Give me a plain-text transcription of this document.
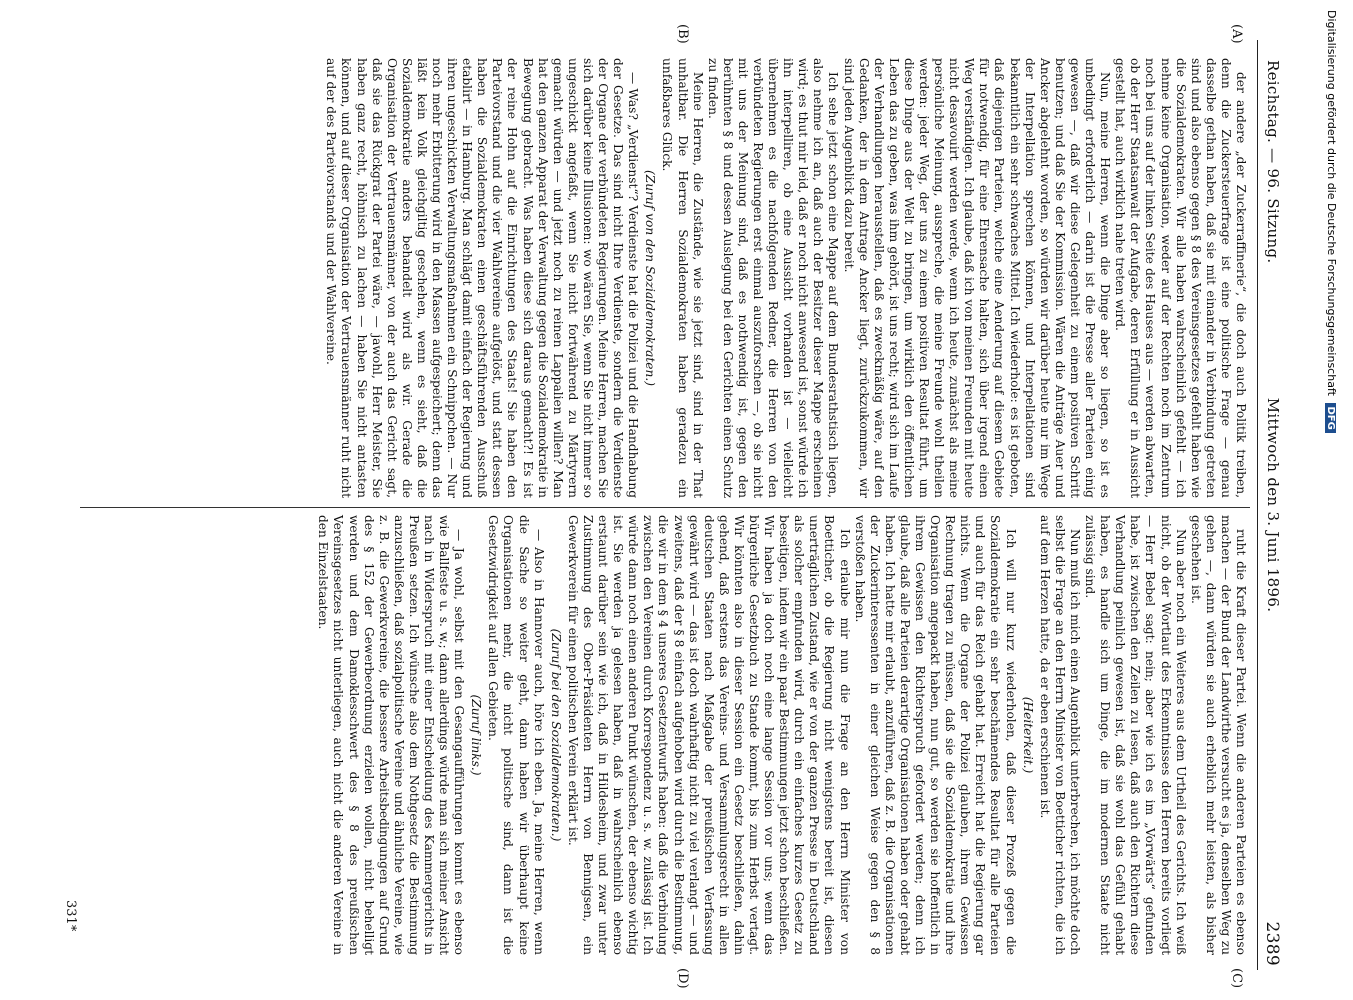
Reichstag. — 96. Sitzung.
Mittwoch den 3. Juni 1896.
2389
(A)
(B)
(C)
(D)

der andere „der Zuckerraffinerie“, die doch auch Politik treiben, denn die Zuckersteuerfrage ist eine politische Frage — genau dasselbe gethan haben, daß sie mit einander in Verbindung getreten sind und also ebenso gegen § 8 des Vereinsgesetzes gefehlt haben wie die Sozialdemokraten. Wir alle haben wahrscheinlich gefehlt — ich nehme keine Organisation, weder auf der Rechten noch im Zentrum noch bei uns auf der linken Seite des Hauses aus — werden abwarten, ob der Herr Staatsanwalt der Aufgabe, deren Erfüllung er in Aussicht gestellt hat, auch wirklich nahe treten wird.

Nun, meine Herren, wenn die Dinge aber so liegen, so ist es unbedingt erforderlich — darin ist die Presse aller Parteien einig gewesen —, daß wir diese Gelegenheit zu einem positiven Schritt benutzen; und daß Sie der Kommission. Wären die Anträge Auer und Ancker abgelehnt worden, so würden wir darüber heute nur im Wege der Interpellation sprechen können, und Interpellationen sind bekanntlich ein sehr schwaches Mittel. Ich wiederhole: es ist geboten, daß diejenigen Parteien, welche eine Aenderung auf diesem Gebiete für notwendig, für eine Ehrensache halten, sich über irgend einen Weg verständigen. Ich glaube, daß ich von meinen Freunden mit heute nicht desavouirt werden werde, wenn ich heute, zunächst als meine persönliche Meinung, ausspreche, die meine Freunde wohl theilen werden: jeder Weg, der uns zu einem positiven Resultat führt, um diese Dinge aus der Welt zu bringen, um wirklich den öffentlichen Leben das zu geben, was ihm gehört, ist uns recht; wird sich im Laufe der Verhandlungen herausstellen, daß es zweckmäßig wäre, auf den Gedanken, der in dem Antrage Ancker liegt, zurückzukommen, wir sind jeden Augenblick dazu bereit.

Ich sehe jetzt schon eine Mappe auf dem Bundesrathstisch liegen, also nehme ich an, daß auch der Besitzer dieser Mappe erscheinen wird; es thut mir leid, daß er noch nicht anwesend ist, sonst würde ich ihn interpelliren, ob eine Aussicht vorhanden ist — vielleicht übernehmen es die nachfolgenden Redner, die Herren von den verbündeten Regierungen erst einmal auszuforschen —, ob sie nicht mit uns der Meinung sind, daß es nothwendig ist, gegen den berühmten § 8 und dessen Auslegung bei den Gerichten einen Schutz zu finden.

Meine Herren, die Zustände, wie sie jetzt sind, sind in der That unhaltbar. Die Herren Sozialdemokraten haben geradezu ein unfaßbares Glück.

(Zuruf von den Sozialdemokraten.)

— Was? „Verdienst“? Verdienste hat die Polizei und die Handhabung der Gesetze. Das sind nicht Ihre Verdienste, sondern die Verdienste der Organe der verbündeten Regierungen. Meine Herren, machen Sie sich darüber keine Illusionen: wo wären Sie, wenn Sie nicht immer so ungeschickt angefaßt, wenn Sie nicht fortwährend zu Märtyrern gemacht würden — und jetzt noch zu reinen Lappalien willen? Man hat den ganzen Apparat der Verwaltung gegen die Sozialdemokratie in Bewegung gebracht. Was haben diese sich daraus gemacht?! Es ist der reine Hohn auf die Einrichtungen des Staats! Sie haben den Parteivorstand und die vier Wahlvereine aufgelöst, und statt dessen haben die Sozialdemokraten einen geschäftsführenden Ausschuß etablirt — in Hamburg. Man schlägt damit einfach der Regierung und ihren ungeschickten Verwaltungsmaßnahmen ein Schnippchen. — Nur noch mehr Erbitterung wird in den Massen aufgespeichert; denn das läßt kein Volk gleichgiltig geschehen, wenn es sieht, daß die Sozialdemokratie anders behandelt wird als wir. Gerade die Organisation der Vertrauensmänner, von der auch das Gericht sagt, daß sie das Rückgrat der Partei wäre, — jawohl, Herr Meister, Sie haben ganz recht, höhnisch zu lachen — haben Sie nicht antasten können, und auf dieser Organisation der Vertrauensmänner ruht nicht auf der des Parteivorstands und der Wahlvereine.

ruht die Kraft dieser Partei. Wenn die anderen Parteien es ebenso machen — der Bund der Landwirthe versucht es ja, denselben Weg zu gehen —, dann würden sie auch erheblich mehr leisten, als bisher geschehen ist.

Nun aber noch ein Weiteres aus dem Urtheil des Gerichts. Ich weiß nicht, ob der Wortlaut des Erkenntnisses den Herren bereits vorliegt — Herr Bebel sagt: nein; aber wie ich es im „Vorwärts“ gefunden habe, ist zwischen den Zeilen zu lesen, daß auch den Richtern diese Verhandlung peinlich gewesen ist, daß sie wohl das Gefühl gehabt haben, es handle sich um Dinge, die im modernen Staate nicht zulässig sind.

Nun muß ich mich einen Augenblick unterbrechen, ich möchte doch selbst die Frage an den Herrn Minister von Boetticher richten, die ich auf dem Herzen hatte, da er eben erschienen ist.

(Heiterkeit.)

Ich will nur kurz wiederholen, daß dieser Prozeß gegen die Sozialdemokratie ein sehr beschämendes Resultat für alle Parteien und auch für das Reich gehabt hat. Erreicht hat die Regierung gar nichts. Wenn die Organe der Polizei glauben, ihrem Gewissen Rechnung tragen zu müssen, daß sie die Sozialdemokratie und ihre Organisation angepackt haben, nun gut, so werden sie hoffentlich in ihrem Gewissen den Richterspruch gefordert werden; denn ich glaube, daß alle Parteien derartige Organisationen haben oder gehabt haben. Ich hatte mir erlaubt, anzuführen, daß z. B. die Organisationen der Zuckerinteressenten in einer gleichen Weise gegen den § 8 verstoßen haben.

Ich erlaube mir nun die Frage an den Herrn Minister von Boetticher, ob die Regierung nicht wenigstens bereit ist, diesen unerträglichen Zustand, wie er von der ganzen Presse in Deutschland als solcher empfunden wird, durch ein einfaches kurzes Gesetz zu beseitigen, indem wir ein paar Bestimmungen jetzt schon beschließen. Wir haben ja doch noch eine lange Session vor uns; wenn das bürgerliche Gesetzbuch zu Stande kommt, bis zum Herbst vertagt. Wir könnten also in dieser Session ein Gesetz beschließen, dahin gehend, daß erstens das Vereins- und Versammlungsrecht in allen deutschen Staaten nach Maßgabe der preußischen Verfassung gewährt wird — das ist doch wahrhaftig nicht zu viel verlangt — und zweitens, daß der § 8 einfach aufgehoben wird durch die Bestimmung, die wir in dem § 4 unseres Gesetzentwurfs haben: daß die Verbindung zwischen den Vereinen durch Korrespondenz u. s. w. zulässig ist. Ich würde dann noch einen anderen Punkt wünschen, der ebenso wichtig ist. Sie werden ja gelesen haben, daß in wahrscheinlich ebenso erstaunt darüber sein wie ich, daß in Hildesheim, und zwar unter Zustimmung des Ober-Präsidenten Herrn von Bennigsen, ein Gewerkverein für einen politischen Verein erklärt ist.

(Zuruf bei den Sozialdemokraten.)

— Also in Hannover auch, höre ich eben. Ja, meine Herren, wenn die Sache so weiter geht, dann haben wir überhaupt keine Organisationen mehr, die nicht politische sind, dann ist die Gesetzwidrigkeit auf allen Gebieten.

(Zuruf links.)

— Ja wohl, selbst mit den Gesangaufführungen kommt es ebenso wie Ballfeste u. s. w.; dann allerdings würde man sich meiner Ansicht nach in Widerspruch mit einer Entscheidung des Kammergerichts in Preußen setzen. Ich wünsche also dem Nothgesetz die Bestimmung anzuschließen, daß sozialpolitische Vereine und ähnliche Vereine, wie z. B. die Gewerkvereine, die bessere Arbeitsbedingungen auf Grund des § 152 der Gewerbeordnung erzielen wollen, nicht behelligt werden und dem Damoklesschwert des § 8 des preußischen Vereinsgesetzes nicht unterliegen, auch nicht die anderen Vereine in den Einzelstaaten.

331*
Digitalisierung gefördert durch die Deutsche Forschungsgemeinschaft DFG
